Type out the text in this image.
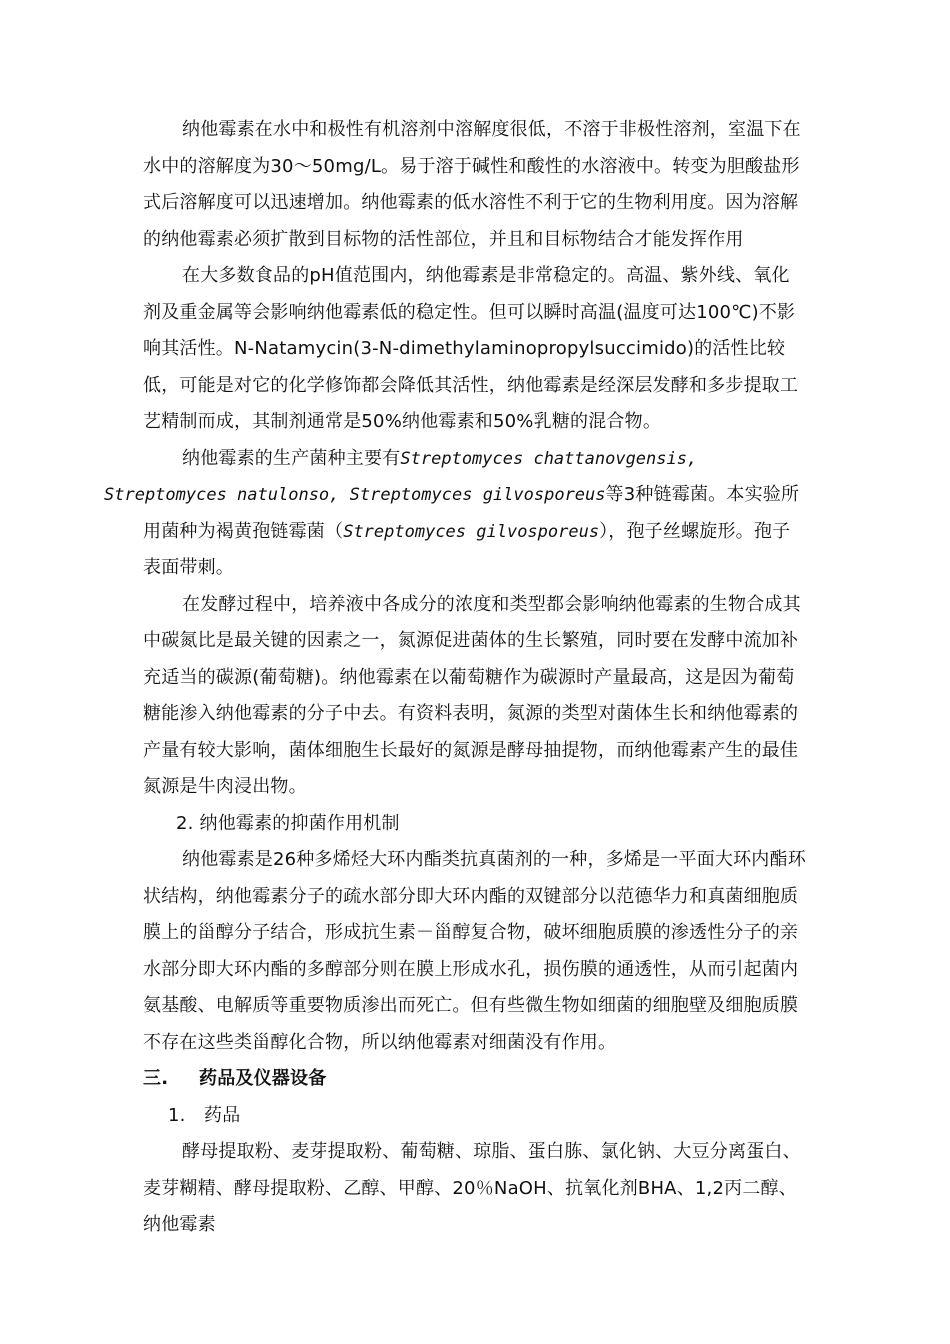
纳他霉素在水中和极性有机溶剂中溶解度很低，不溶于非极性溶剂，室温下在水中的溶解度为30～50mg/L。易于溶于碱性和酸性的水溶液中。转变为胆酸盐形式后溶解度可以迅速增加。纳他霉素的低水溶性不利于它的生物利用度。因为溶解的纳他霉素必须扩散到目标物的活性部位，并且和目标物结合才能发挥作用

在大多数食品的pH值范围内，纳他霉素是非常稳定的。高温、紫外线、氧化剂及重金属等会影响纳他霉素低的稳定性。但可以瞬时高温(温度可达100℃)不影响其活性。N-Natamycin(3-N-dimethylaminopropylsuccimido)的活性比较低，可能是对它的化学修饰都会降低其活性，纳他霉素是经深层发酵和多步提取工艺精制而成，其制剂通常是50%纳他霉素和50%乳糖的混合物。

纳他霉素的生产菌种主要有Streptomyces chattanovgensis,
Streptomyces natulonso, Streptomyces gilvosporeus等3种链霉菌。本实验所用菌种为褐黄孢链霉菌（Streptomyces gilvosporeus），孢子丝螺旋形。孢子表面带刺。

在发酵过程中，培养液中各成分的浓度和类型都会影响纳他霉素的生物合成其中碳氮比是最关键的因素之一，氮源促进菌体的生长繁殖，同时要在发酵中流加补充适当的碳源(葡萄糖)。纳他霉素在以葡萄糖作为碳源时产量最高，这是因为葡萄糖能渗入纳他霉素的分子中去。有资料表明，氮源的类型对菌体生长和纳他霉素的产量有较大影响，菌体细胞生长最好的氮源是酵母抽提物，而纳他霉素产生的最佳氮源是牛肉浸出物。

2. 纳他霉素的抑菌作用机制

纳他霉素是26种多烯烃大环内酯类抗真菌剂的一种，多烯是一平面大环内酯环状结构，纳他霉素分子的疏水部分即大环内酯的双键部分以范德华力和真菌细胞质膜上的甾醇分子结合，形成抗生素－甾醇复合物，破坏细胞质膜的渗透性分子的亲水部分即大环内酯的多醇部分则在膜上形成水孔，损伤膜的通透性，从而引起菌内氨基酸、电解质等重要物质渗出而死亡。但有些微生物如细菌的细胞壁及细胞质膜不存在这些类甾醇化合物，所以纳他霉素对细菌没有作用。

三. 药品及仪器设备

1. 药品

酵母提取粉、麦芽提取粉、葡萄糖、琼脂、蛋白胨、氯化钠、大豆分离蛋白、麦芽糊精、酵母提取粉、乙醇、甲醇、20％NaOH、抗氧化剂BHA、1,2丙二醇、纳他霉素
